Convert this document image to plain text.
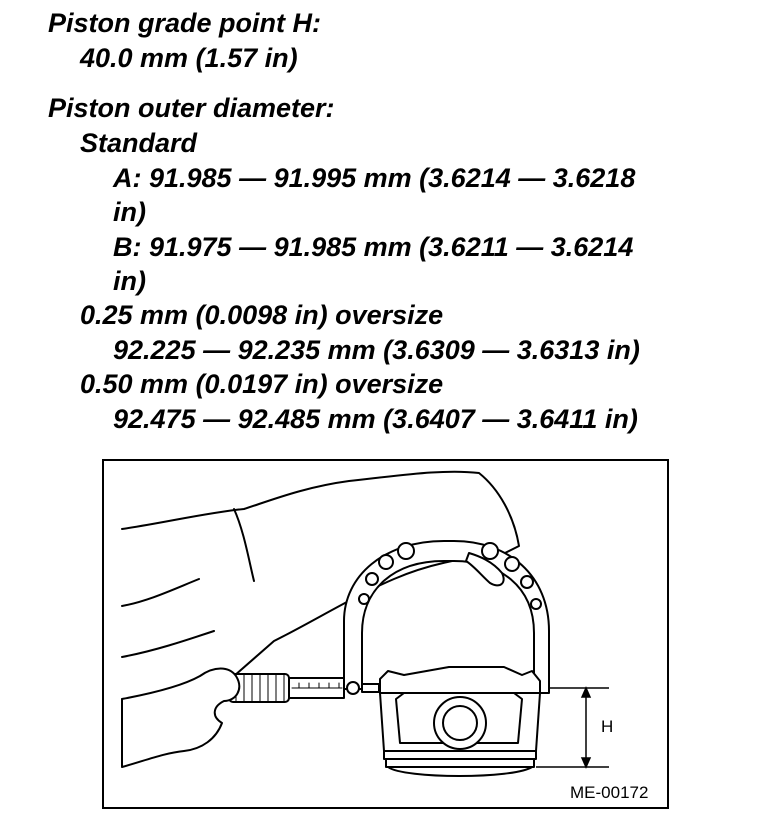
Piston grade point H:

40.0 mm (1.57 in)

Piston outer diameter:

Standard

A: 91.985 — 91.995 mm (3.6214 — 3.6218

in)

B: 91.975 — 91.985 mm (3.6211 — 3.6214

in)

0.25 mm (0.0098 in) oversize

92.225 — 92.235 mm (3.6309 — 3.6313 in)

0.50 mm (0.0197 in) oversize

92.475 — 92.485 mm (3.6407 — 3.6411 in)

H
ME-00172
